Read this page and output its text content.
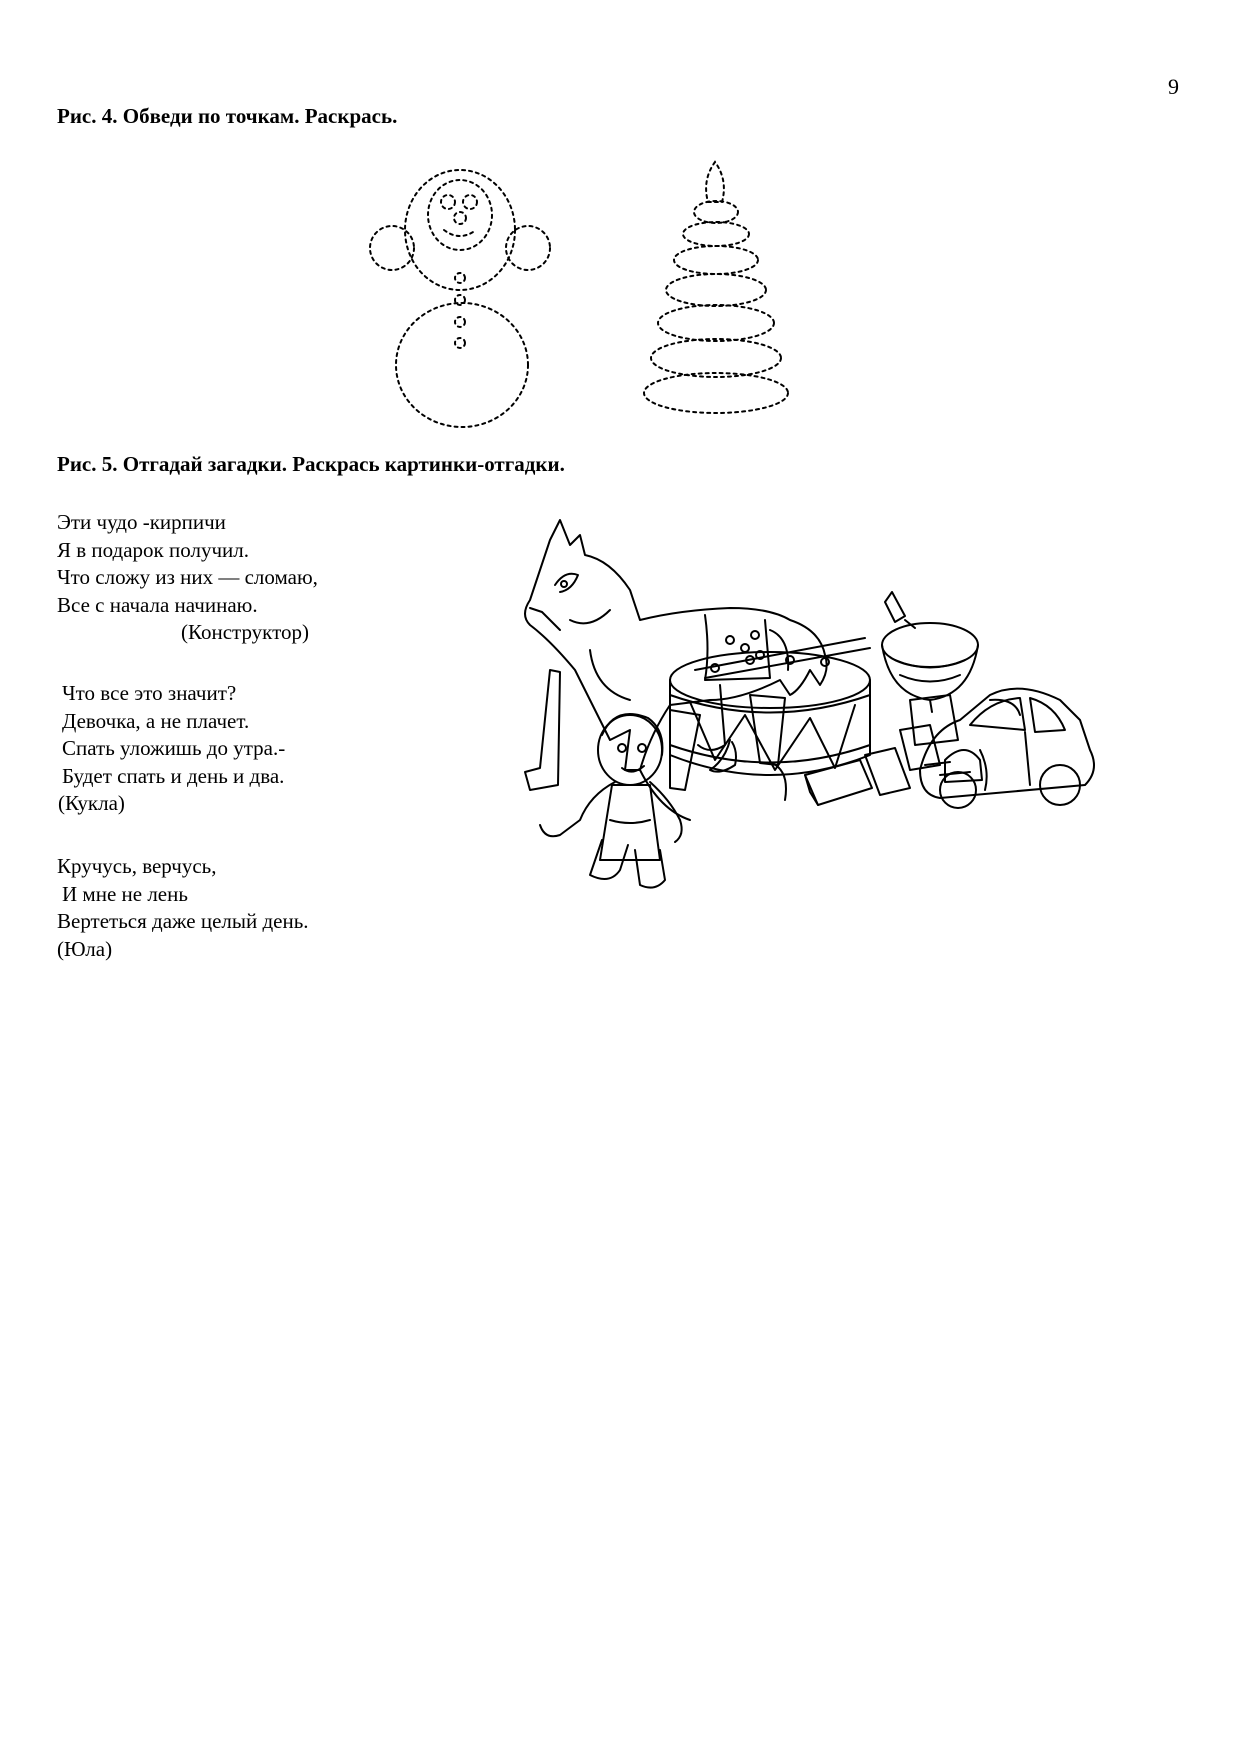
9
Рис. 4. Обведи по точкам. Раскрась.
Рис. 5. Отгадай загадки. Раскрась картинки-отгадки.
Эти чудо -кирпичи
Я в подарок получил.
Что сложу из них — сломаю,
Все с начала начинаю.
(Конструктор)
Что все это значит?
Девочка, а не плачет.
Спать уложишь до утра.-
Будет спать и день и два.
(Кукла)
Кручусь, верчусь,
И мне не лень
Вертеться даже целый день.
(Юла)
